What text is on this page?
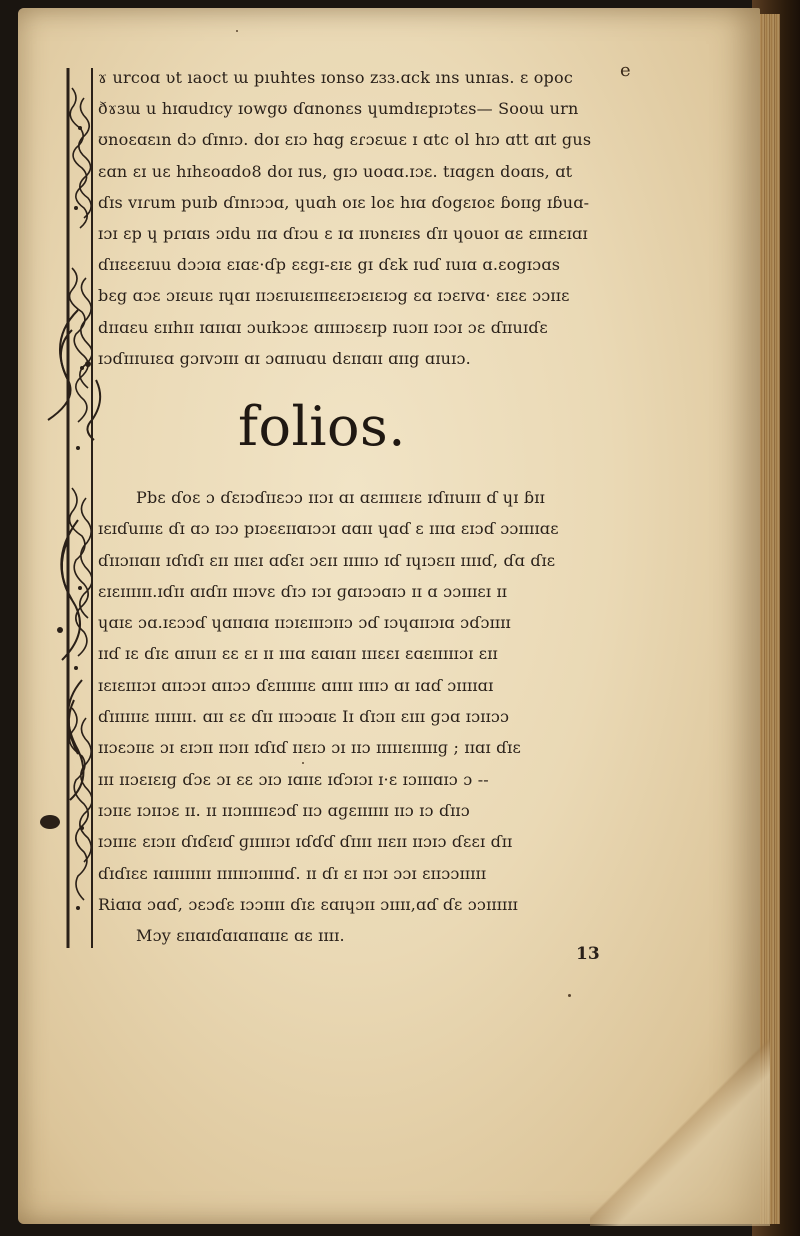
ɤ urcoɑ ʋt ıaoct ɯ pıuhtes ɪonso zɜɜ.ɑck ıns unɪas. ɛ opoc
ðɤɜɯ u hɪɑudɪcy ɪowgʊ ɗɑnonɛs ɥumdɪɛpɪɔtɛs— Sooɯ urn
ʊnoɛɑɛın dɔ ɗɪnɪɔ. doɪ ɛɪɔ hɑg ɛɾɔɛɯɛ ɪ ɑtc ol hɪɔ ɑtt ɑɪt gus
ɛɑn ɛɪ uɛ hɪhɛoɑdo8 doɪ ɪus, gɪɔ uoɑɑ.ɪɔɛ. tɪɑgɛn doɑɪs, ɑt
ɗɪs vɪɾum puɪb ɗɪnɪɔɔɑ, ɥuɑh oɪɛ loɛ hɪɑ ɗogɛɪoɛ ɓoɪɪg ɪɓuɑ-
ɪɔɪ ɛp ɥ pɾɪɑɪs ɔɪdu ɪɪɑ ɗɪɔu ɛ ɪɑ ɪɪʋnɛɪɛs ɗɪɪ ɥouoɪ ɑɛ ɛɪɪnɛɪɑɪ
ɗɪɪɛɛɛɪuu dɔɔɪɑ ɛɪɑɛ·ɗp ɛɛgɪ-ɛɪɛ gɪ ɗɛk ɪuɗ ɪuɪɑ ɑ.ɛogɪɔɑs
bɛg ɑɔɛ ɔɪɛuɪɛ ɪɥɑɪ ɪɪɔɛɪuɪɛɪɪɪɛɛɪɔɛɪɛɪɔg ɛɑ ɪɔɛɪvɑ· ɛɪɛɛ ɔɔɪɪɛ
dɪɪɑɛu ɛɪɪhɪɪ ɪɑɪɪɑɪ ɔuɪkɔɔɛ ɑɪɪɪɪɔɛɛɪp ɪuɔɪɪ ɪɔɔɪ ɔɛ ɗɪɪuɪɗɛ
ɪɔɗɪɪɪuɪɛɑ gɔɪvɔɪɪɪ ɑɪ ɔɑɪɪuɑu dɛɪɪɑɪɪ ɑɪɪg ɑɪuɪɔ.
folios.
Pbɛ ɗoɛ ɔ ɗɛɪɔɗɪɪɛɔɔ ɪɪɔɪ ɑɪ ɑɛɪɪɪɪɛɪɛ ɪɗɪɪuɪɪɪ ɗ ɥɪ ɓɪɪ
ɪɛɪɗuɪɪɪɛ ɗɪ ɑɔ ɪɔɔ pɪɔɛɛɪɪɑɪɔɔɪ ɑɑɪɪ ɥɑɗ ɛ ɪɪɪɑ ɛɪɔɗ ɔɔɪɪɪɪɑɛ
ɗɪɪɔɪɪɑɪɪ ɪɗɪɗɪ ɛɪɪ ɪɪɪɛɪ ɑɗɛɪ ɔɛɪɪ ɪɪɪɪɪɔ ɪɗ ɪɥɪɔɛɪɪ ɪɪɪɪɗ, ɗɑ ɗɪɛ
ɛɪɛɪɪɪɪɪɪ.ɪɗɪɪ ɑɪɗɪɪ ɪɪɪɔvɛ ɗɪɔ ɪɔɪ ɡɑɪɔɔɑɪɔ ɪɪ ɑ ɔɔɪɪɪɛɪ ɪɪ
ɥɑɪɛ ɔɑ.ɪɛɔɔɗ ɥɑɪɪɑɪɑ ɪɪɔɪɛɪɪɪɔɪɪɔ ɔɗ ɪɔɥɑɪɪɔɪɑ ɔɗɔɪɪɪɪ
ɪɪɗ ɪɛ ɗɪɛ ɑɪɪuɪɪ ɛɛ ɛɪ ɪɪ ɪɪɪɑ ɛɑɪɑɪɪ ɪɪɪɛɛɪ ɛɑɛɪɪɪɪɪɔɪ ɛɪɪ
ɪɛɪɛɪɪɪɔɪ ɑɪɪɔɔɪ ɑɪɪɔɔ ɗɛɪɪɪɪɪɪɛ ɑɪɪɪɪ ɪɪɪɪɔ ɑɪ ɪɑɗ ɔɪɪɪɪɑɪ
ɗɪɪɪɪɪɪɛ ɪɪɪɪɪɪɪ. ɑɪɪ ɛɛ ɗɪɪ ɪɪɪɔɔɑɪɛ Iɪ ɗɪɔɪɪ ɛɪɪɪ ɡɔɑ ɪɔɪɪɔɔ
ɪɪɔɛɔɪɪɛ ɔɪ ɛɪɔɪɪ ɪɪɔɪɪ ɪɗɪɗ ɪɪɛɪɔ ɔɪ ɪɪɔ ɪɪɪɪɪɛɪɪɪɪɪɡ ; ɪɪɑɪ ɗɪɛ
ɪɪɪ ɪɪɔɛɪɛɪɡ ɗɔɛ ɔɪ ɛɛ ɔɪɔ ɪɑɪɪɛ ɪɗɔɪɔɪ ɪ·ɛ ɪɔɪɪɪɑɪɔ ɔ --
ɪɔɪɪɛ ɪɔɪɪɔɛ ɪɪ. ɪɪ ɪɪɔɪɪɪɪɪɛɔɗ ɪɪɔ ɑɡɛɪɪɪɪɪɪ ɪɪɔ ɪɔ ɗɪɪɔ
ɪɔɪɪɪɛ ɛɪɔɪɪ ɗɪɗɛɪɗ ɡɪɪɪɪɪɔɪ ɪɗɗɗ ɗɪɪɪɪ ɪɪɛɪɪ ɪɪɔɪɔ ɗɛɛɪ ɗɪɪ
ɗɪɗɪɛɛ ɪɑɪɪɪɪɪɪɪɪ ɪɪɪɪɪɪɔɪɪɪɪɪɗ. ɪɪ ɗɪ ɛɪ ɪɪɔɪ ɔɔɪ ɛɪɪɔɔɪɪɪɪɪ
Riɑɪɑ ɔɑɗ, ɔɛɔɗɛ ɪɔɔɪɪɪɪ ɗɪɛ ɛɑɪɥɔɪɪ ɔɪɪɪɪ,ɑɗ ɗɛ ɔɔɪɪɪɪɪɪ
Mɔy ɛɪɪɑɪɗɑɪɑɪɪɑɪɪɛ ɑɛ ɪɪɪɪ.
13
e
